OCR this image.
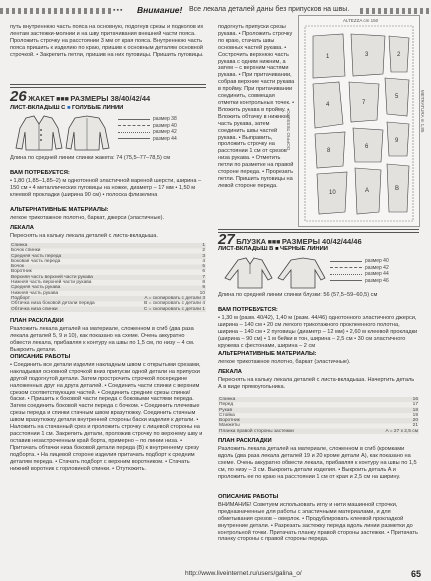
▪▪▪ Внимание! Все лекала деталей даны без припусков на швы.

путь внутреннюю часть пояса на основную, подогнув срезы и подколов их лентам застежки-молнии и на шву притачивания внешней части пояса. Проложить строчку на расстоянии 3 мм от края пояса. Внутреннюю часть пояса пришить к изделию по краю, пришив к основным деталям основной строчкой. • Закрепить петли, пришив на них пуговицы. Пришить пуговицы.

26 ЖАКЕТ ■■■ РАЗМЕРЫ 38/40/42/44
ЛИСТ-ВКЛАДЫШ С ■ ГОЛУБЫЕ ЛИНИИ
размер 38
размер 40
размер 42
размер 44

Длина по средней линии спинки жакета: 74 (75,5–77–78,5) см

ВАМ ПОТРЕБУЕТСЯ:

• 1,80 (1,85–1,85–2) м однотонной эластичной вареной шерсти, ширина – 150 см • 4 металлических пуговицы на ножке, диаметр – 17 мм • 1,50 м клеевой прокладки (ширина 90 см) • полоска флизелина

АЛЬТЕРНАТИВНЫЕ МАТЕРИАЛЫ:

легкое трикотажное полотно, баркат, джерси (эластичные).

ЛЕКАЛА

Переснять на кальку лекала деталей с листа-вкладыша.

Спинка	1
Бочок спинки	2
Средняя часть переда	3
Боковая часть переда	4
Бочок	5
Воротник	6
Верхняя часть верхней части рукава	7
Нижняя часть верхней части рукава	8
Средняя часть рукава	9
Нижняя часть рукава	10
Подборт	A = скопировать с детали 3
Обтачка низа боковой детали переда	B = скопировать с детали 4
Обтачка низа спинки	C = скопировать с детали 1

ПЛАН РАСКЛАДКИ

Разложить лекала деталей на материале, сложенном в сгиб (два раза лекала деталей 5, 9 и 10), как показано на схеме. Очень аккуратно обвести лекала, прибавляя к контуру на швы по 1,5 см, по низу – 4 см. Выкроить детали.

ОПИСАНИЕ РАБОТЫ

• Соединить все детали изделия накладным швом с открытыми срезами, накладывая основной строчкой вниз припуски одной детали на припуски другой подогнутой детали. Затем прострочить строчкой посередине наложенных друг на друга деталей. • Соединить части спинки с верхним срезом соответствующих частей. • Соединить средние срезы спинки/баски. • Пришить к боковой части переда с боковыми частями переда. Затем соединить боковой части переда с бочком. • Соединить плечевые срезы переда и спинки стачным швом вразутюжку. Соединить стачным швом вразутюжку детали внутренней стороны баски изделия к детали. • Наложить на стачанный срез и проложить строчку с лицевой стороны на расстоянии 1 см. Закрепить детали, проложив строчку по верхнему шву и оставив незастроченным край борта, примерно – по линии низа. • Притачать обтачки низа боковой детали переда (B) к внутреннему срезу подборта. • На лицевой стороне изделия притачать подборт к средним деталям переда. • Стачать подборт с верхним воротником. • Стачать нижний воротник с горловиной спинки. • Отутюжить.

подогнуть припуски срезы рукава. • Проложить строчку по краю, стачать швы основных частей рукава. • Сострочить верхнюю часть рукава с одним нижним, а затем – с верхним частями рукава. • При притачивании, собрав верхние части рукава в пройму. При притачивании соединить, совмещая отметки контрольных точек. • Вложить рукава в пройму. • Вложить обтачку в нижнюю часть рукава, затем соединить швы частей рукава. • Выправить, проложить строчку на расстоянии 1 см от срезов низа рукава. • Отметить петли по разметке на правой стороне переда. • Прорезать петли. Пришить пуговицы на левой стороне переда.

1	3	2
4	7
5
8
6
9
10	A	B
ALTEZZA cm 150
DOPPIO TESSUTO	METRATURA m 1,85
27 БЛУЗКА ■■■ РАЗМЕРЫ 40/42/44/46
ЛИСТ-ВКЛАДЫШ В ■ ЧЕРНЫЕ ЛИНИИ
размер 40
размер 42
размер 44
размер 46

Длина по средней линии спинки блузки: 56 (57,5–59–60,5) см

ВАМ ПОТРЕБУЕТСЯ:

• 1,30 м (разм. 40/42), 1,40 м (разм. 44/46) однотонного эластичного джерси, ширина – 140 см • 20 см легкого трикотажного проклеенного полотна, ширина – 140 см • 2 пуговицы (диаметр – 12 мм) • 2,60 м клеевой прокладки (ширина – 90 см) • 1 м бейки в тон, ширина – 2,5 см • 30 см эластичного кружева с фестонами, ширина – 2 см

АЛЬТЕРНАТИВНЫЕ МАТЕРИАЛЫ:

легкое трикотажное полотно, баркат (эластичные).

ЛЕКАЛА

Переснять на кальку лекала деталей с листа-вкладыша. Начертить деталь А в виде прямоугольника.

Спинка	16
Перед	17
Рукав	18
Стойка	19
Воротник	20
Манжеты	21
Планка правой стороны застежки	A = 27 x 2,5 см

ПЛАН РАСКЛАДКИ

Разложить лекала деталей на материале, сложенном в сгиб (кромками вдоль (два раза лекала деталей 19 и 20 кроме детали A), как показано на схеме. Очень аккуратно обвести лекала, прибавляя к контуру на швы по 1,5 см, по низу – 3 см. Выкроить детали изделия. • Выкроить деталь A и проложить ее по краю на расстоянии 1 см от края и 2,5 см на ширину.

ОПИСАНИЕ РАБОТЫ

ВНИМАНИЕ! Советуем использовать иглу и нити машинной строчки, предназначенные для работы с эластичными материалами, и для обметывания срезов – оверлок. • Продублировать клеевой прокладкой внутренние детали. • Разрезать застежку переда вдоль линии разметки до контрольной точки. Притачать планку правой стороны застежки. • Притачать планку стороны с правой стороны переда.

http://www.liveinternet.ru/users/galina_o/	65
